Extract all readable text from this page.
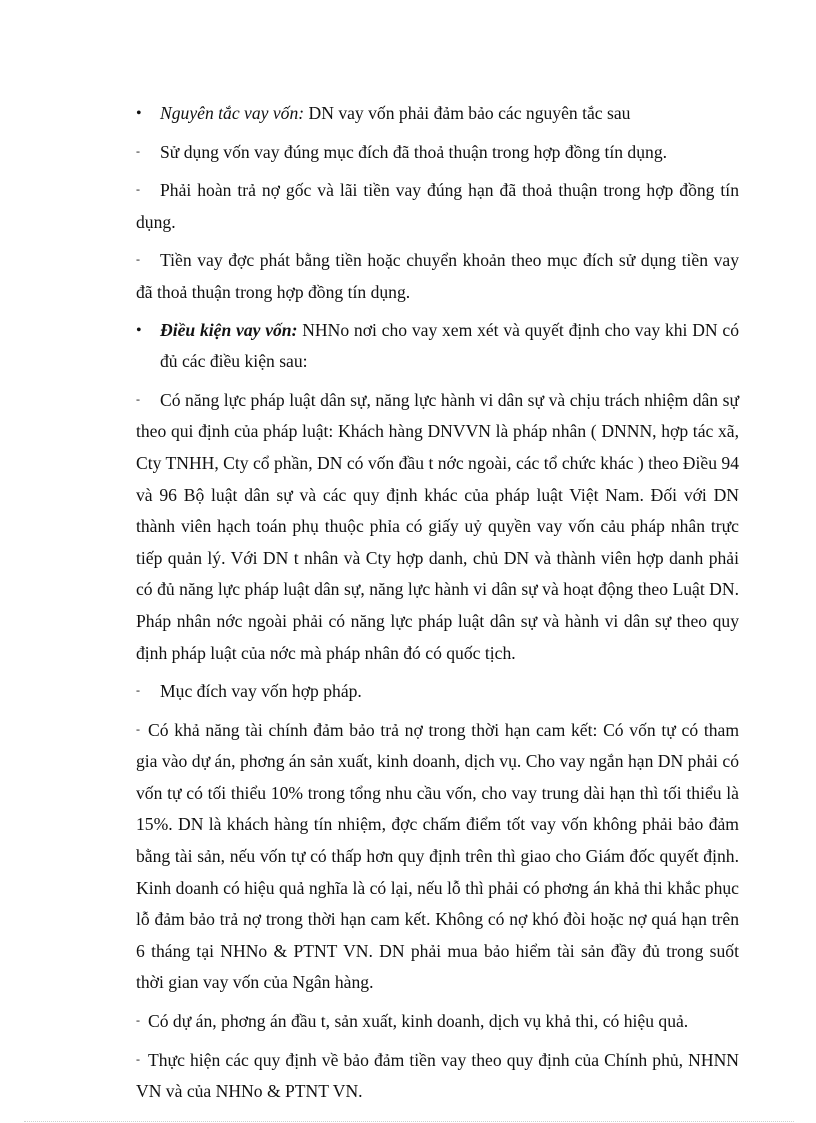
•	Nguyên tắc vay vốn: DN vay vốn phải đảm bảo các nguyên tắc sau
- Sử dụng vốn vay đúng mục đích đã thoả thuận trong hợp đồng tín dụng.
- Phải hoàn trả nợ gốc và lãi tiền vay đúng hạn đã thoả thuận trong hợp đồng tín dụng.
- Tiền vay đợc phát bằng tiền hoặc chuyển khoản theo mục đích sử dụng tiền vay đã thoả thuận trong hợp đồng tín dụng.
•	Điều kiện vay vốn: NHNo nơi cho vay xem xét và quyết định cho vay khi DN có đủ các điều kiện sau:
- Có năng lực pháp luật dân sự, năng lực hành vi dân sự và chịu trách nhiệm dân sự theo qui định của pháp luật: Khách hàng DNVVN là pháp nhân ( DNNN, hợp tác xã, Cty TNHH, Cty cổ phần, DN có vốn đầu t nớc ngoài, các tổ chức khác ) theo Điều 94 và 96 Bộ luật dân sự và các quy định khác của pháp luật Việt Nam. Đối với DN thành viên hạch toán phụ thuộc phỉa có giấy uỷ quyền vay vốn cảu pháp nhân trực tiếp quản lý. Với DN t nhân và Cty hợp danh, chủ DN và thành viên hợp danh phải có đủ năng lực pháp luật dân sự, năng lực hành vi dân sự và hoạt động theo Luật DN. Pháp nhân nớc ngoài phải có năng lực pháp luật dân sự và hành vi dân sự theo quy định pháp luật của nớc mà pháp nhân đó có quốc tịch.
- Mục đích vay vốn hợp pháp.
- Có khả năng tài chính đảm bảo trả nợ trong thời hạn cam kết: Có vốn tự có tham gia vào dự án, phơng án sản xuất, kinh doanh, dịch vụ. Cho vay ngắn hạn DN phải có vốn tự có tối thiểu 10% trong tổng nhu cầu vốn, cho vay trung dài hạn thì tối thiểu là 15%. DN là khách hàng tín nhiệm, đợc chấm điểm tốt vay vốn không phải bảo đảm bằng tài sản, nếu vốn tự có thấp hơn quy định trên thì giao cho Giám đốc quyết định. Kinh doanh có hiệu quả nghĩa là có lại, nếu lỗ thì phải có phơng án khả thi khắc phục lỗ đảm bảo trả nợ trong thời hạn cam kết. Không có nợ khó đòi hoặc nợ quá hạn trên 6 tháng tại NHNo & PTNT VN. DN phải mua bảo hiểm tài sản đầy đủ trong suốt thời gian vay vốn của Ngân hàng.
- Có dự án, phơng án đầu t, sản xuất, kinh doanh, dịch vụ khả thi, có hiệu quả.
- Thực hiện các quy định về bảo đảm tiền vay theo quy định của Chính phủ, NHNN VN và của NHNo & PTNT VN.
